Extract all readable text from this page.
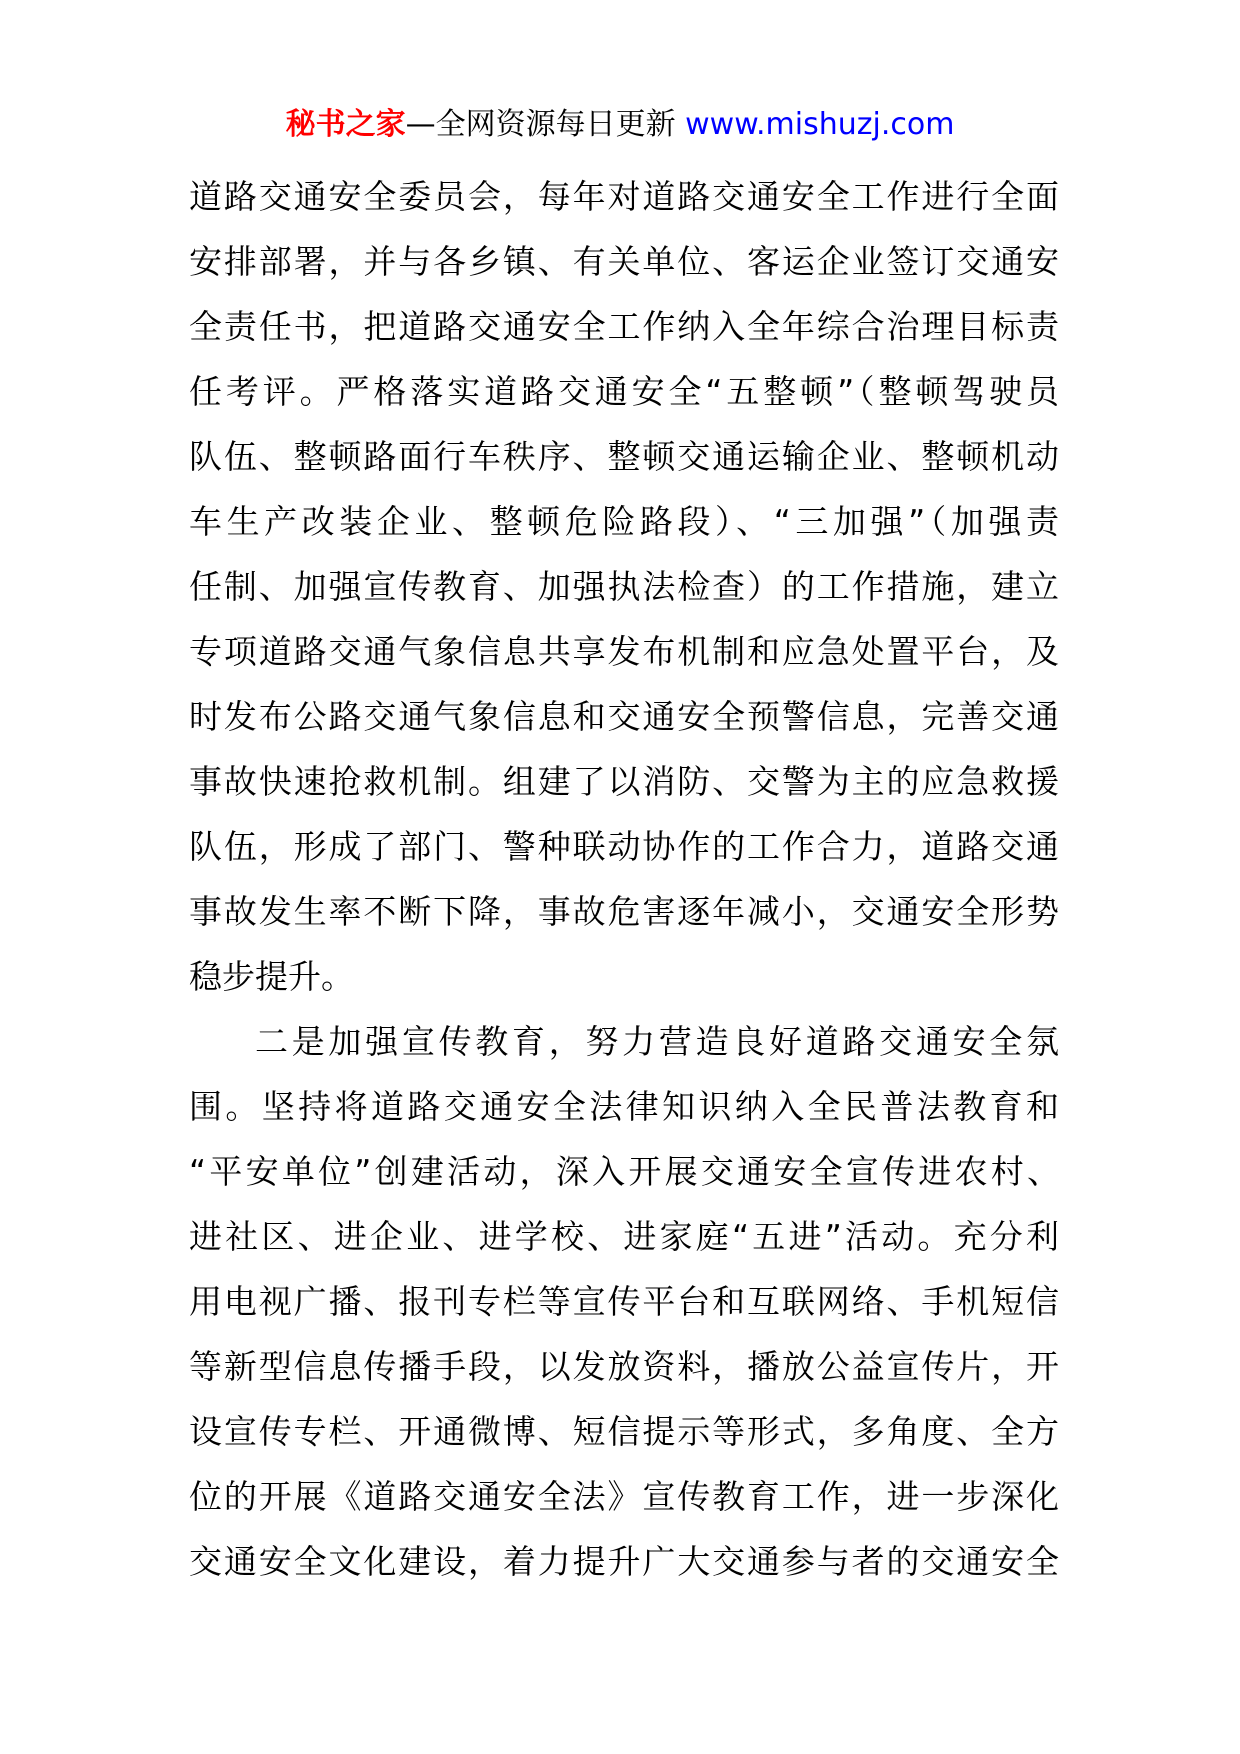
秘书之家—全网资源每日更新 www.mishuzj.com
道路交通安全委员会，每年对道路交通安全工作进行全面
安排部署，并与各乡镇、有关单位、客运企业签订交通安
全责任书，把道路交通安全工作纳入全年综合治理目标责
任考评。严格落实道路交通安全“五整顿”（整顿驾驶员
队伍、整顿路面行车秩序、整顿交通运输企业、整顿机动
车生产改装企业、整顿危险路段）、“三加强”（加强责
任制、加强宣传教育、加强执法检查）的工作措施，建立
专项道路交通气象信息共享发布机制和应急处置平台，及
时发布公路交通气象信息和交通安全预警信息，完善交通
事故快速抢救机制。组建了以消防、交警为主的应急救援
队伍，形成了部门、警种联动协作的工作合力，道路交通
事故发生率不断下降，事故危害逐年减小，交通安全形势
稳步提升。
二是加强宣传教育，努力营造良好道路交通安全氛
围。坚持将道路交通安全法律知识纳入全民普法教育和
“平安单位”创建活动，深入开展交通安全宣传进农村、
进社区、进企业、进学校、进家庭“五进”活动。充分利
用电视广播、报刊专栏等宣传平台和互联网络、手机短信
等新型信息传播手段，以发放资料，播放公益宣传片，开
设宣传专栏、开通微博、短信提示等形式，多角度、全方
位的开展《道路交通安全法》宣传教育工作，进一步深化
交通安全文化建设，着力提升广大交通参与者的交通安全
